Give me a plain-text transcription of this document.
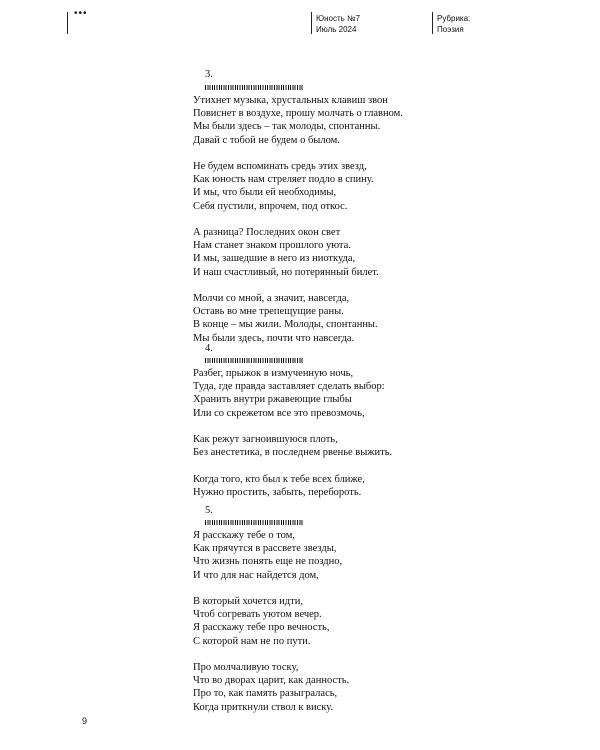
•••	Юность №7
Июль 2024
Рубрика:
Поэзия
3.
Утихнет музыка, хрустальных клавиш звон
Повиснет в воздухе, прошу молчать о главном.
Мы были здесь – так молоды, спонтанны.
Давай с тобой не будем о былом.
Не будем вспоминать средь этих звезд,
Как юность нам стреляет подло в спину.
И мы, что были ей необходимы,
Себя пустили, впрочем, под откос.
А разница? Последних окон свет
Нам станет знаком прошлого уюта.
И мы, зашедшие в него из ниоткуда,
И наш счастливый, но потерянный билет.
Молчи со мной, а значит, навсегда,
Оставь во мне трепещущие раны.
В конце – мы жили. Молоды, спонтанны.
Мы были здесь, почти что навсегда.
4.
Разбег, прыжок в измученную ночь,
Туда, где правда заставляет сделать выбор:
Хранить внутри ржавеющие глыбы
Или со скрежетом все это превозмочь,
Как режут загноившуюся плоть,
Без анестетика, в последнем рвенье выжить.
Когда того, кто был к тебе всех ближе,
Нужно простить, забыть, перебороть.
5.
Я расскажу тебе о том,
Как прячутся в рассвете звезды,
Что жизнь понять еще не поздно,
И что для нас найдется дом,
В который хочется идти,
Чтоб согревать уютом вечер.
Я расскажу тебе про вечность,
С которой нам не по пути.
Про молчаливую тоску,
Что во дворах царит, как данность.
Про то, как память разыгралась,
Когда приткнули ствол к виску.
9
